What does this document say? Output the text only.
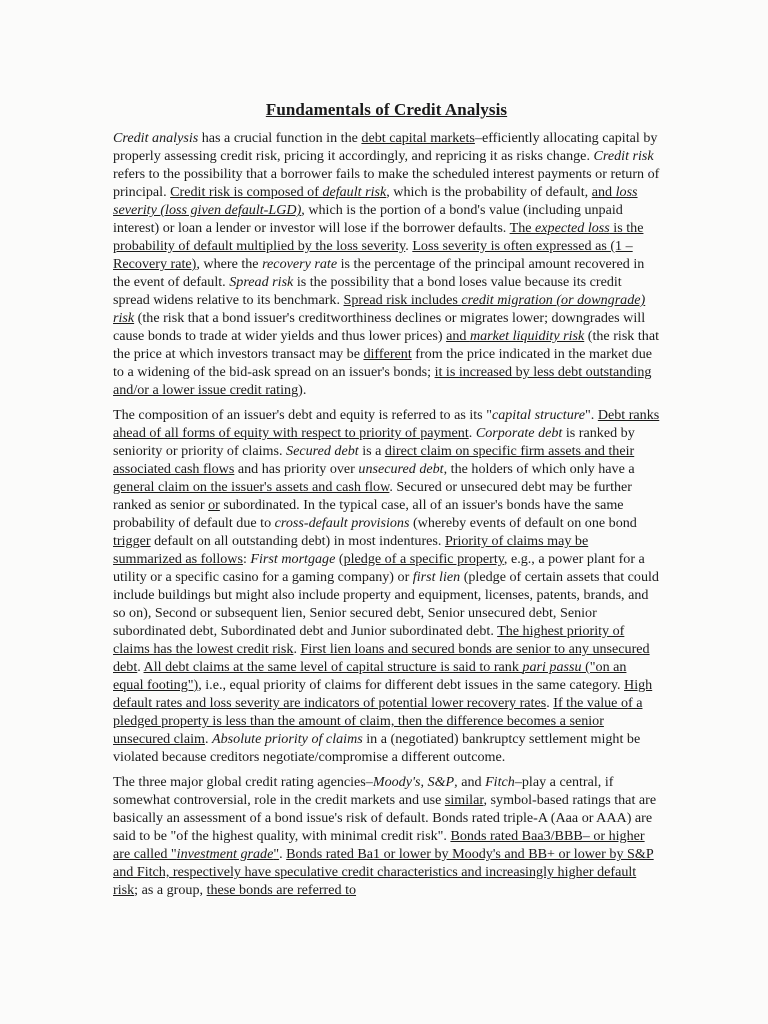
Fundamentals of Credit Analysis

Credit analysis has a crucial function in the debt capital markets–efficiently allocating capital by properly assessing credit risk, pricing it accordingly, and repricing it as risks change. Credit risk refers to the possibility that a borrower fails to make the scheduled interest payments or return of principal. Credit risk is composed of default risk, which is the probability of default, and loss severity (loss given default-LGD), which is the portion of a bond's value (including unpaid interest) or loan a lender or investor will lose if the borrower defaults. The expected loss is the probability of default multiplied by the loss severity. Loss severity is often expressed as (1 – Recovery rate), where the recovery rate is the percentage of the principal amount recovered in the event of default. Spread risk is the possibility that a bond loses value because its credit spread widens relative to its benchmark. Spread risk includes credit migration (or downgrade) risk (the risk that a bond issuer's creditworthiness declines or migrates lower; downgrades will cause bonds to trade at wider yields and thus lower prices) and market liquidity risk (the risk that the price at which investors transact may be different from the price indicated in the market due to a widening of the bid-ask spread on an issuer's bonds; it is increased by less debt outstanding and/or a lower issue credit rating).

The composition of an issuer's debt and equity is referred to as its "capital structure". Debt ranks ahead of all forms of equity with respect to priority of payment. Corporate debt is ranked by seniority or priority of claims. Secured debt is a direct claim on specific firm assets and their associated cash flows and has priority over unsecured debt, the holders of which only have a general claim on the issuer's assets and cash flow. Secured or unsecured debt may be further ranked as senior or subordinated. In the typical case, all of an issuer's bonds have the same probability of default due to cross-default provisions (whereby events of default on one bond trigger default on all outstanding debt) in most indentures. Priority of claims may be summarized as follows: First mortgage (pledge of a specific property, e.g., a power plant for a utility or a specific casino for a gaming company) or first lien (pledge of certain assets that could include buildings but might also include property and equipment, licenses, patents, brands, and so on), Second or subsequent lien, Senior secured debt, Senior unsecured debt, Senior subordinated debt, Subordinated debt and Junior subordinated debt. The highest priority of claims has the lowest credit risk. First lien loans and secured bonds are senior to any unsecured debt. All debt claims at the same level of capital structure is said to rank pari passu ("on an equal footing"), i.e., equal priority of claims for different debt issues in the same category. High default rates and loss severity are indicators of potential lower recovery rates. If the value of a pledged property is less than the amount of claim, then the difference becomes a senior unsecured claim. Absolute priority of claims in a (negotiated) bankruptcy settlement might be violated because creditors negotiate/compromise a different outcome.

The three major global credit rating agencies–Moody's, S&P, and Fitch–play a central, if somewhat controversial, role in the credit markets and use similar, symbol-based ratings that are basically an assessment of a bond issue's risk of default. Bonds rated triple-A (Aaa or AAA) are said to be "of the highest quality, with minimal credit risk". Bonds rated Baa3/BBB– or higher are called "investment grade". Bonds rated Ba1 or lower by Moody's and BB+ or lower by S&P and Fitch, respectively have speculative credit characteristics and increasingly higher default risk; as a group, these bonds are referred to
